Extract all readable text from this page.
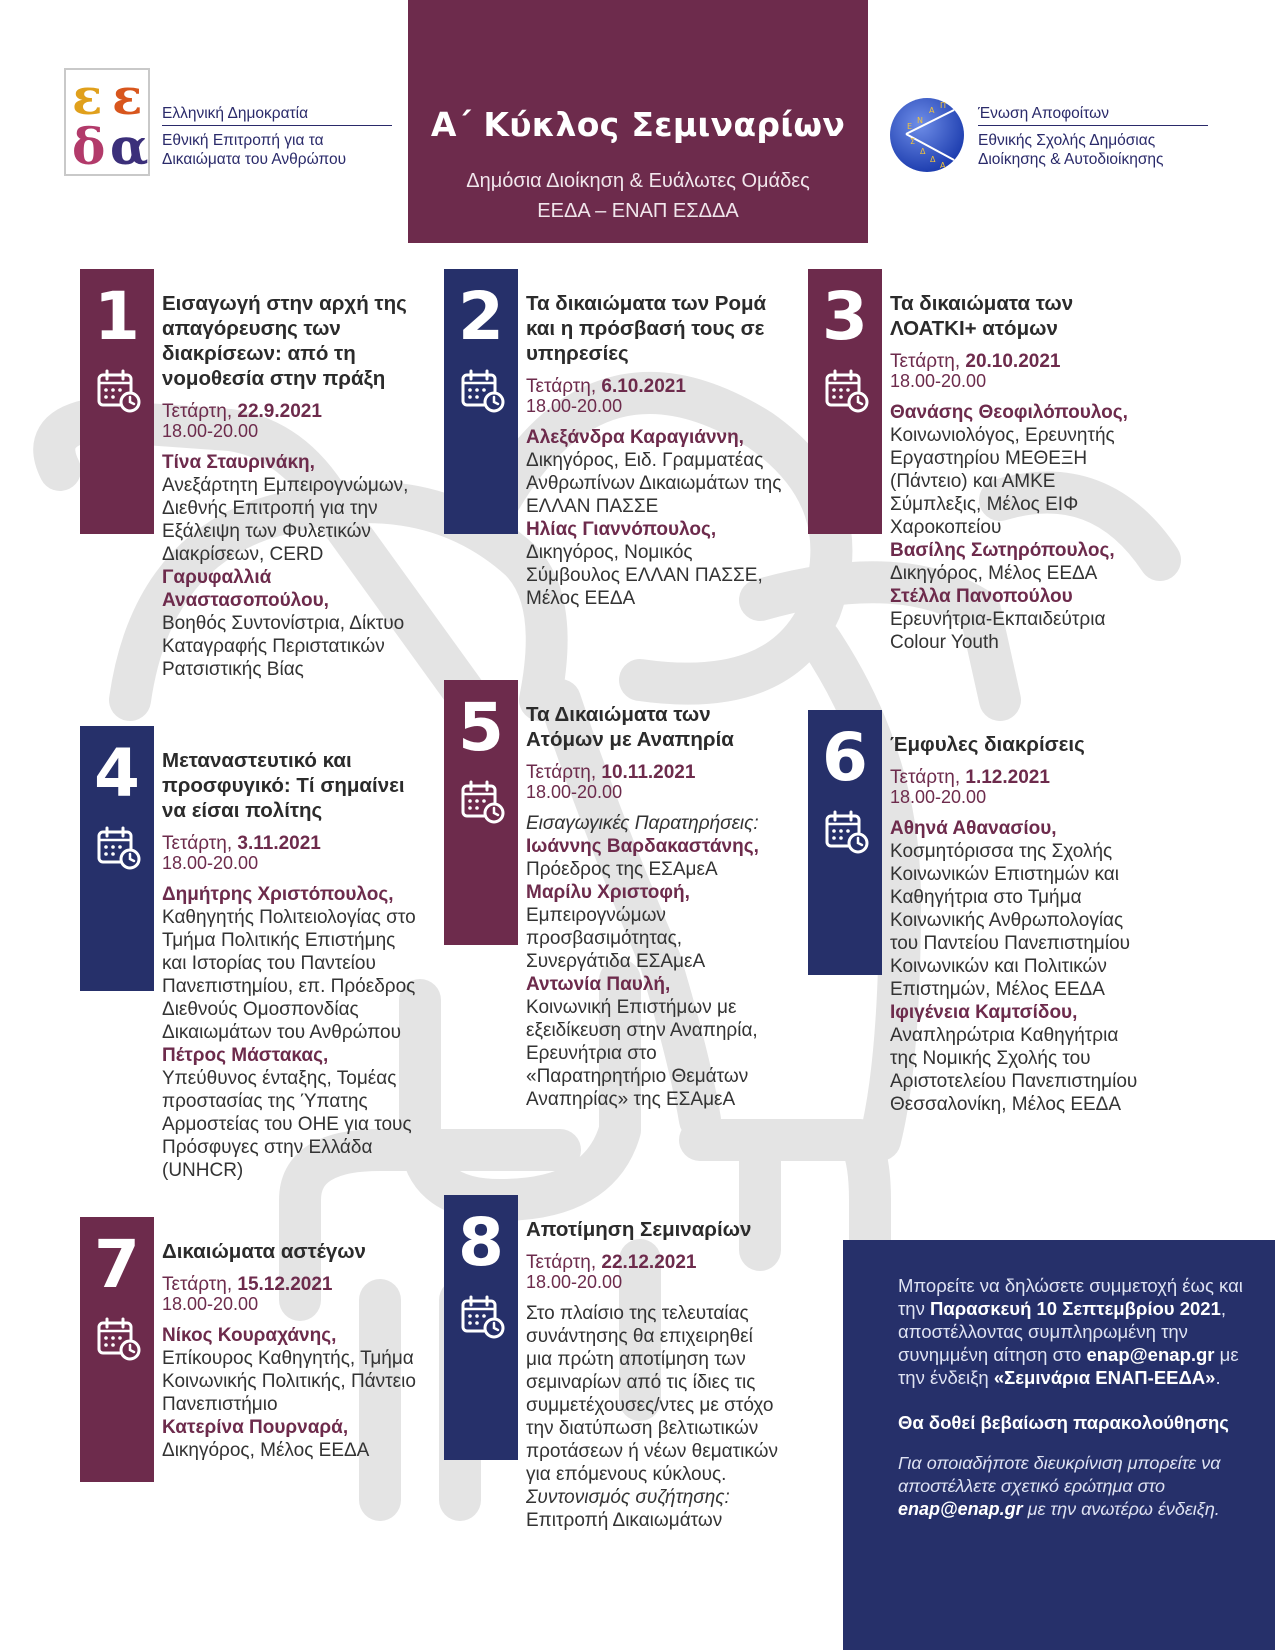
ε ε
δ α
Ελληνική Δημοκρατία
Εθνική Επιτροπή για τα
Δικαιώματα του Ανθρώπου
Α΄ Κύκλος Σεμιναρίων
Δημόσια Διοίκηση & Ευάλωτες Ομάδες
ΕΕΔΑ – ΕΝΑΠ ΕΣΔΔΑ
Α
Π
Ν
Ε
Σ
Δ
Δ
Α
Ένωση Αποφοίτων
Εθνικής Σχολής Δημόσιας
Διοίκησης & Αυτοδιοίκησης
1	Εισαγωγή στην αρχή της απαγόρευσης των διακρίσεων: από τη νομοθεσία στην πράξη
Τετάρτη, 22.9.2021
18.00-20.00
Τίνα Σταυρινάκη,
Ανεξάρτητη Εμπειρογνώμων, Διεθνής Επιτροπή για την Εξάλειψη των Φυλετικών Διακρίσεων, CERD
Γαρυφαλλιά Αναστασοπούλου,
Βοηθός Συντονίστρια, Δίκτυο Καταγραφής Περιστατικών Ρατσιστικής Βίας
2	Τα δικαιώματα των Ρομά και η πρόσβασή τους σε υπηρεσίες
Τετάρτη, 6.10.2021
18.00-20.00
Αλεξάνδρα Καραγιάννη,
Δικηγόρος, Ειδ. Γραμματέας Ανθρωπίνων Δικαιωμάτων της ΕΛΛΑΝ ΠΑΣΣΕ
Ηλίας Γιαννόπουλος,
Δικηγόρος, Νομικός Σύμβουλος ΕΛΛΑΝ ΠΑΣΣΕ, Μέλος ΕΕΔΑ
3	Τα δικαιώματα των ΛΟΑΤΚΙ+ ατόμων
Τετάρτη, 20.10.2021
18.00-20.00
Θανάσης Θεοφιλόπουλος,
Κοινωνιολόγος, Ερευνητής Εργαστηρίου ΜΕΘΕΞΗ (Πάντειο) και ΑΜΚΕ Σύμπλεξις, Μέλος ΕΙΦ Χαροκοπείου
Βασίλης Σωτηρόπουλος,
Δικηγόρος, Μέλος ΕΕΔΑ
Στέλλα Πανοπούλου
Ερευνήτρια-Εκπαιδεύτρια Colour Youth
4	Μεταναστευτικό και προσφυγικό: Τί σημαίνει να είσαι πολίτης
Τετάρτη, 3.11.2021
18.00-20.00
Δημήτρης Χριστόπουλος,
Καθηγητής Πολιτειολογίας στο Τμήμα Πολιτικής Επιστήμης και Ιστορίας του Παντείου Πανεπιστημίου, επ. Πρόεδρος Διεθνούς Ομοσπονδίας Δικαιωμάτων του Ανθρώπου
Πέτρος Μάστακας,
Υπεύθυνος ένταξης, Τομέας προστασίας της Ύπατης Αρμοστείας του ΟΗΕ για τους Πρόσφυγες στην Ελλάδα (UNHCR)
5	Τα Δικαιώματα των Ατόμων με Αναπηρία
Τετάρτη, 10.11.2021
18.00-20.00
Εισαγωγικές Παρατηρήσεις:
Ιωάννης Βαρδακαστάνης,
Πρόεδρος της ΕΣΑμεΑ
Μαρίλυ Χριστοφή,
Εμπειρογνώμων προσβασιμότητας, Συνεργάτιδα ΕΣΑμεΑ
Αντωνία Παυλή,
Κοινωνική Επιστήμων με εξειδίκευση στην Αναπηρία, Ερευνήτρια στο «Παρατηρητήριο Θεμάτων Αναπηρίας» της ΕΣΑμεΑ
6	Έμφυλες διακρίσεις
Τετάρτη, 1.12.2021
18.00-20.00
Αθηνά Αθανασίου,
Κοσμητόρισσα της Σχολής Κοινωνικών Επιστημών και Καθηγήτρια στο Τμήμα Κοινωνικής Ανθρωπολογίας του Παντείου Πανεπιστημίου Κοινωνικών και Πολιτικών Επιστημών, Μέλος ΕΕΔΑ
Ιφιγένεια Καμτσίδου,
Αναπληρώτρια Καθηγήτρια της Νομικής Σχολής του Αριστοτελείου Πανεπιστημίου Θεσσαλονίκη, Μέλος ΕΕΔΑ
7	Δικαιώματα αστέγων
Τετάρτη, 15.12.2021
18.00-20.00
Νίκος Κουραχάνης,
Επίκουρος Καθηγητής, Τμήμα Κοινωνικής Πολιτικής, Πάντειο Πανεπιστήμιο
Κατερίνα Πουρναρά,
Δικηγόρος, Μέλος ΕΕΔΑ
8	Αποτίμηση Σεμιναρίων
Τετάρτη, 22.12.2021
18.00-20.00
Στο πλαίσιο της τελευταίας συνάντησης θα επιχειρηθεί μια πρώτη αποτίμηση των σεμιναρίων από τις ίδιες τις συμμετέχουσες/ντες με στόχο την διατύπωση βελτιωτικών προτάσεων ή νέων θεματικών για επόμενους κύκλους.
Συντονισμός συζήτησης:
Επιτροπή Δικαιωμάτων
Μπορείτε να δηλώσετε συμμετοχή έως και την Παρασκευή 10 Σεπτεμβρίου 2021, αποστέλλοντας συμπληρωμένη την συνημμένη αίτηση στο enap@enap.gr με την ένδειξη «Σεμινάρια ΕΝΑΠ-ΕΕΔΑ».
Θα δοθεί βεβαίωση παρακολούθησης
Για οποιαδήποτε διευκρίνιση μπορείτε να αποστέλλετε σχετικό ερώτημα στο enap@enap.gr με την ανωτέρω ένδειξη.
